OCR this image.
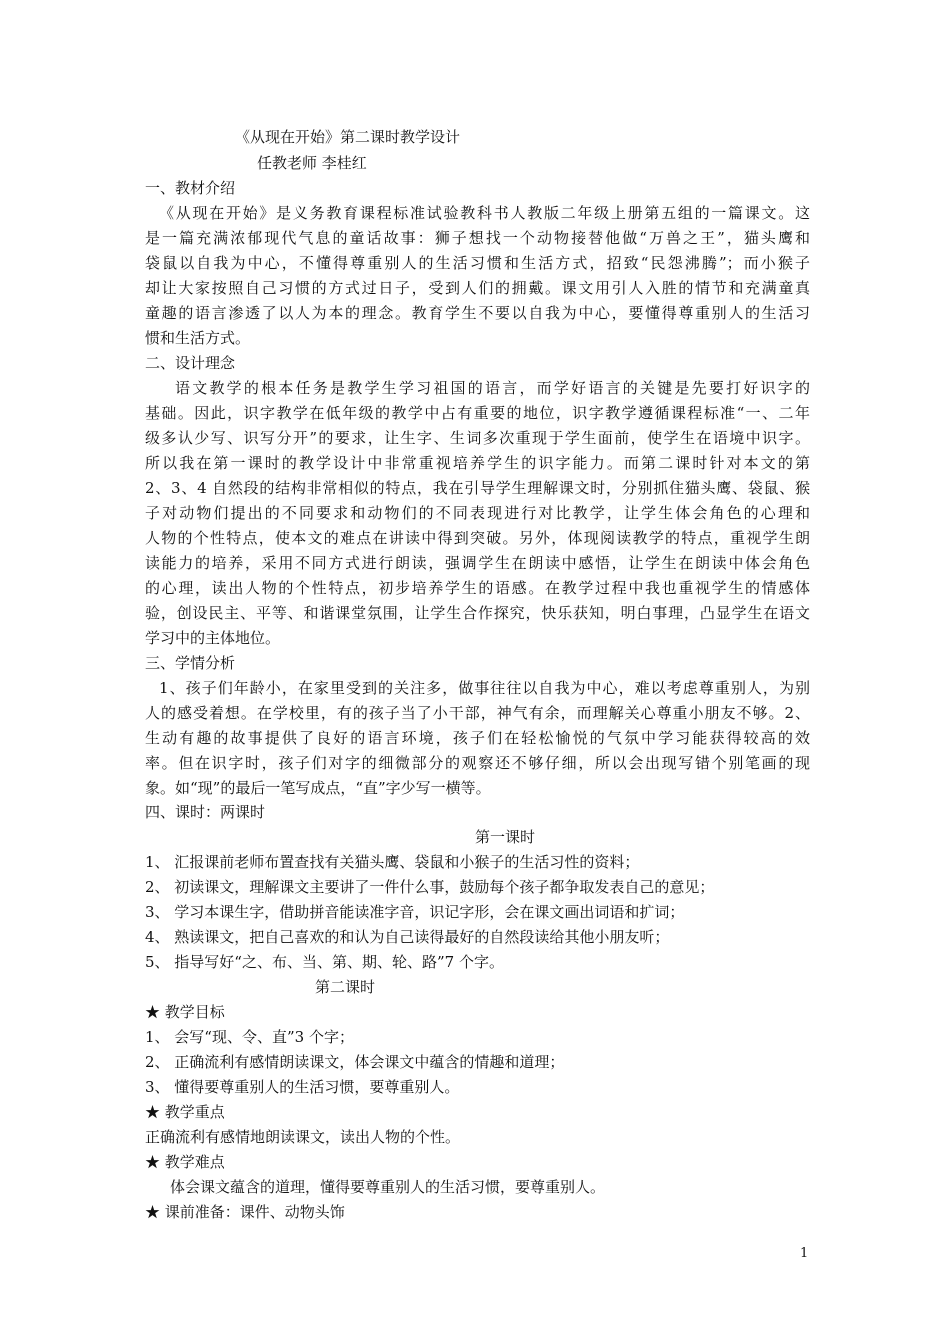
《从现在开始》第二课时教学设计
任教老师 李桂红
一、教材介绍
《从现在开始》是义务教育课程标准试验教科书人教版二年级上册第五组的一篇课文。这
是一篇充满浓郁现代气息的童话故事：狮子想找一个动物接替他做“万兽之王”，猫头鹰和
袋鼠以自我为中心，不懂得尊重别人的生活习惯和生活方式，招致“民怨沸腾”；而小猴子
却让大家按照自己习惯的方式过日子，受到人们的拥戴。课文用引人入胜的情节和充满童真
童趣的语言渗透了以人为本的理念。教育学生不要以自我为中心，要懂得尊重别人的生活习
惯和生活方式。
二、设计理念
语文教学的根本任务是教学生学习祖国的语言，而学好语言的关键是先要打好识字的
基础。因此，识字教学在低年级的教学中占有重要的地位，识字教学遵循课程标准“一、二年
级多认少写、识写分开”的要求，让生字、生词多次重现于学生面前，使学生在语境中识字。
所以我在第一课时的教学设计中非常重视培养学生的识字能力。而第二课时针对本文的第
2、3、4 自然段的结构非常相似的特点，我在引导学生理解课文时，分别抓住猫头鹰、袋鼠、猴
子对动物们提出的不同要求和动物们的不同表现进行对比教学，让学生体会角色的心理和
人物的个性特点，使本文的难点在讲读中得到突破。另外，体现阅读教学的特点，重视学生朗
读能力的培养，采用不同方式进行朗读，强调学生在朗读中感悟，让学生在朗读中体会角色
的心理，读出人物的个性特点，初步培养学生的语感。在教学过程中我也重视学生的情感体
验，创设民主、平等、和谐课堂氛围，让学生合作探究，快乐获知，明白事理，凸显学生在语文
学习中的主体地位。
三、学情分析
1、孩子们年龄小，在家里受到的关注多，做事往往以自我为中心，难以考虑尊重别人，为别
人的感受着想。在学校里，有的孩子当了小干部，神气有余，而理解关心尊重小朋友不够。2、
生动有趣的故事提供了良好的语言环境，孩子们在轻松愉悦的气氛中学习能获得较高的效
率。但在识字时，孩子们对字的细微部分的观察还不够仔细，所以会出现写错个别笔画的现
象。如“现”的最后一笔写成点，“直”字少写一横等。
四、课时：两课时
第一课时
1、 汇报课前老师布置查找有关猫头鹰、袋鼠和小猴子的生活习性的资料；
2、 初读课文，理解课文主要讲了一件什么事，鼓励每个孩子都争取发表自己的意见；
3、 学习本课生字，借助拼音能读准字音，识记字形，会在课文画出词语和扩词；
4、 熟读课文，把自己喜欢的和认为自己读得最好的自然段读给其他小朋友听；
5、 指导写好“之、布、当、第、期、轮、路”7 个字。
第二课时
★ 教学目标
1、 会写“现、令、直”3 个字；
2、 正确流利有感情朗读课文，体会课文中蕴含的情趣和道理；
3、 懂得要尊重别人的生活习惯，要尊重别人。
★ 教学重点
正确流利有感情地朗读课文，读出人物的个性。
★ 教学难点
体会课文蕴含的道理，懂得要尊重别人的生活习惯，要尊重别人。
★ 课前准备：课件、动物头饰
1
